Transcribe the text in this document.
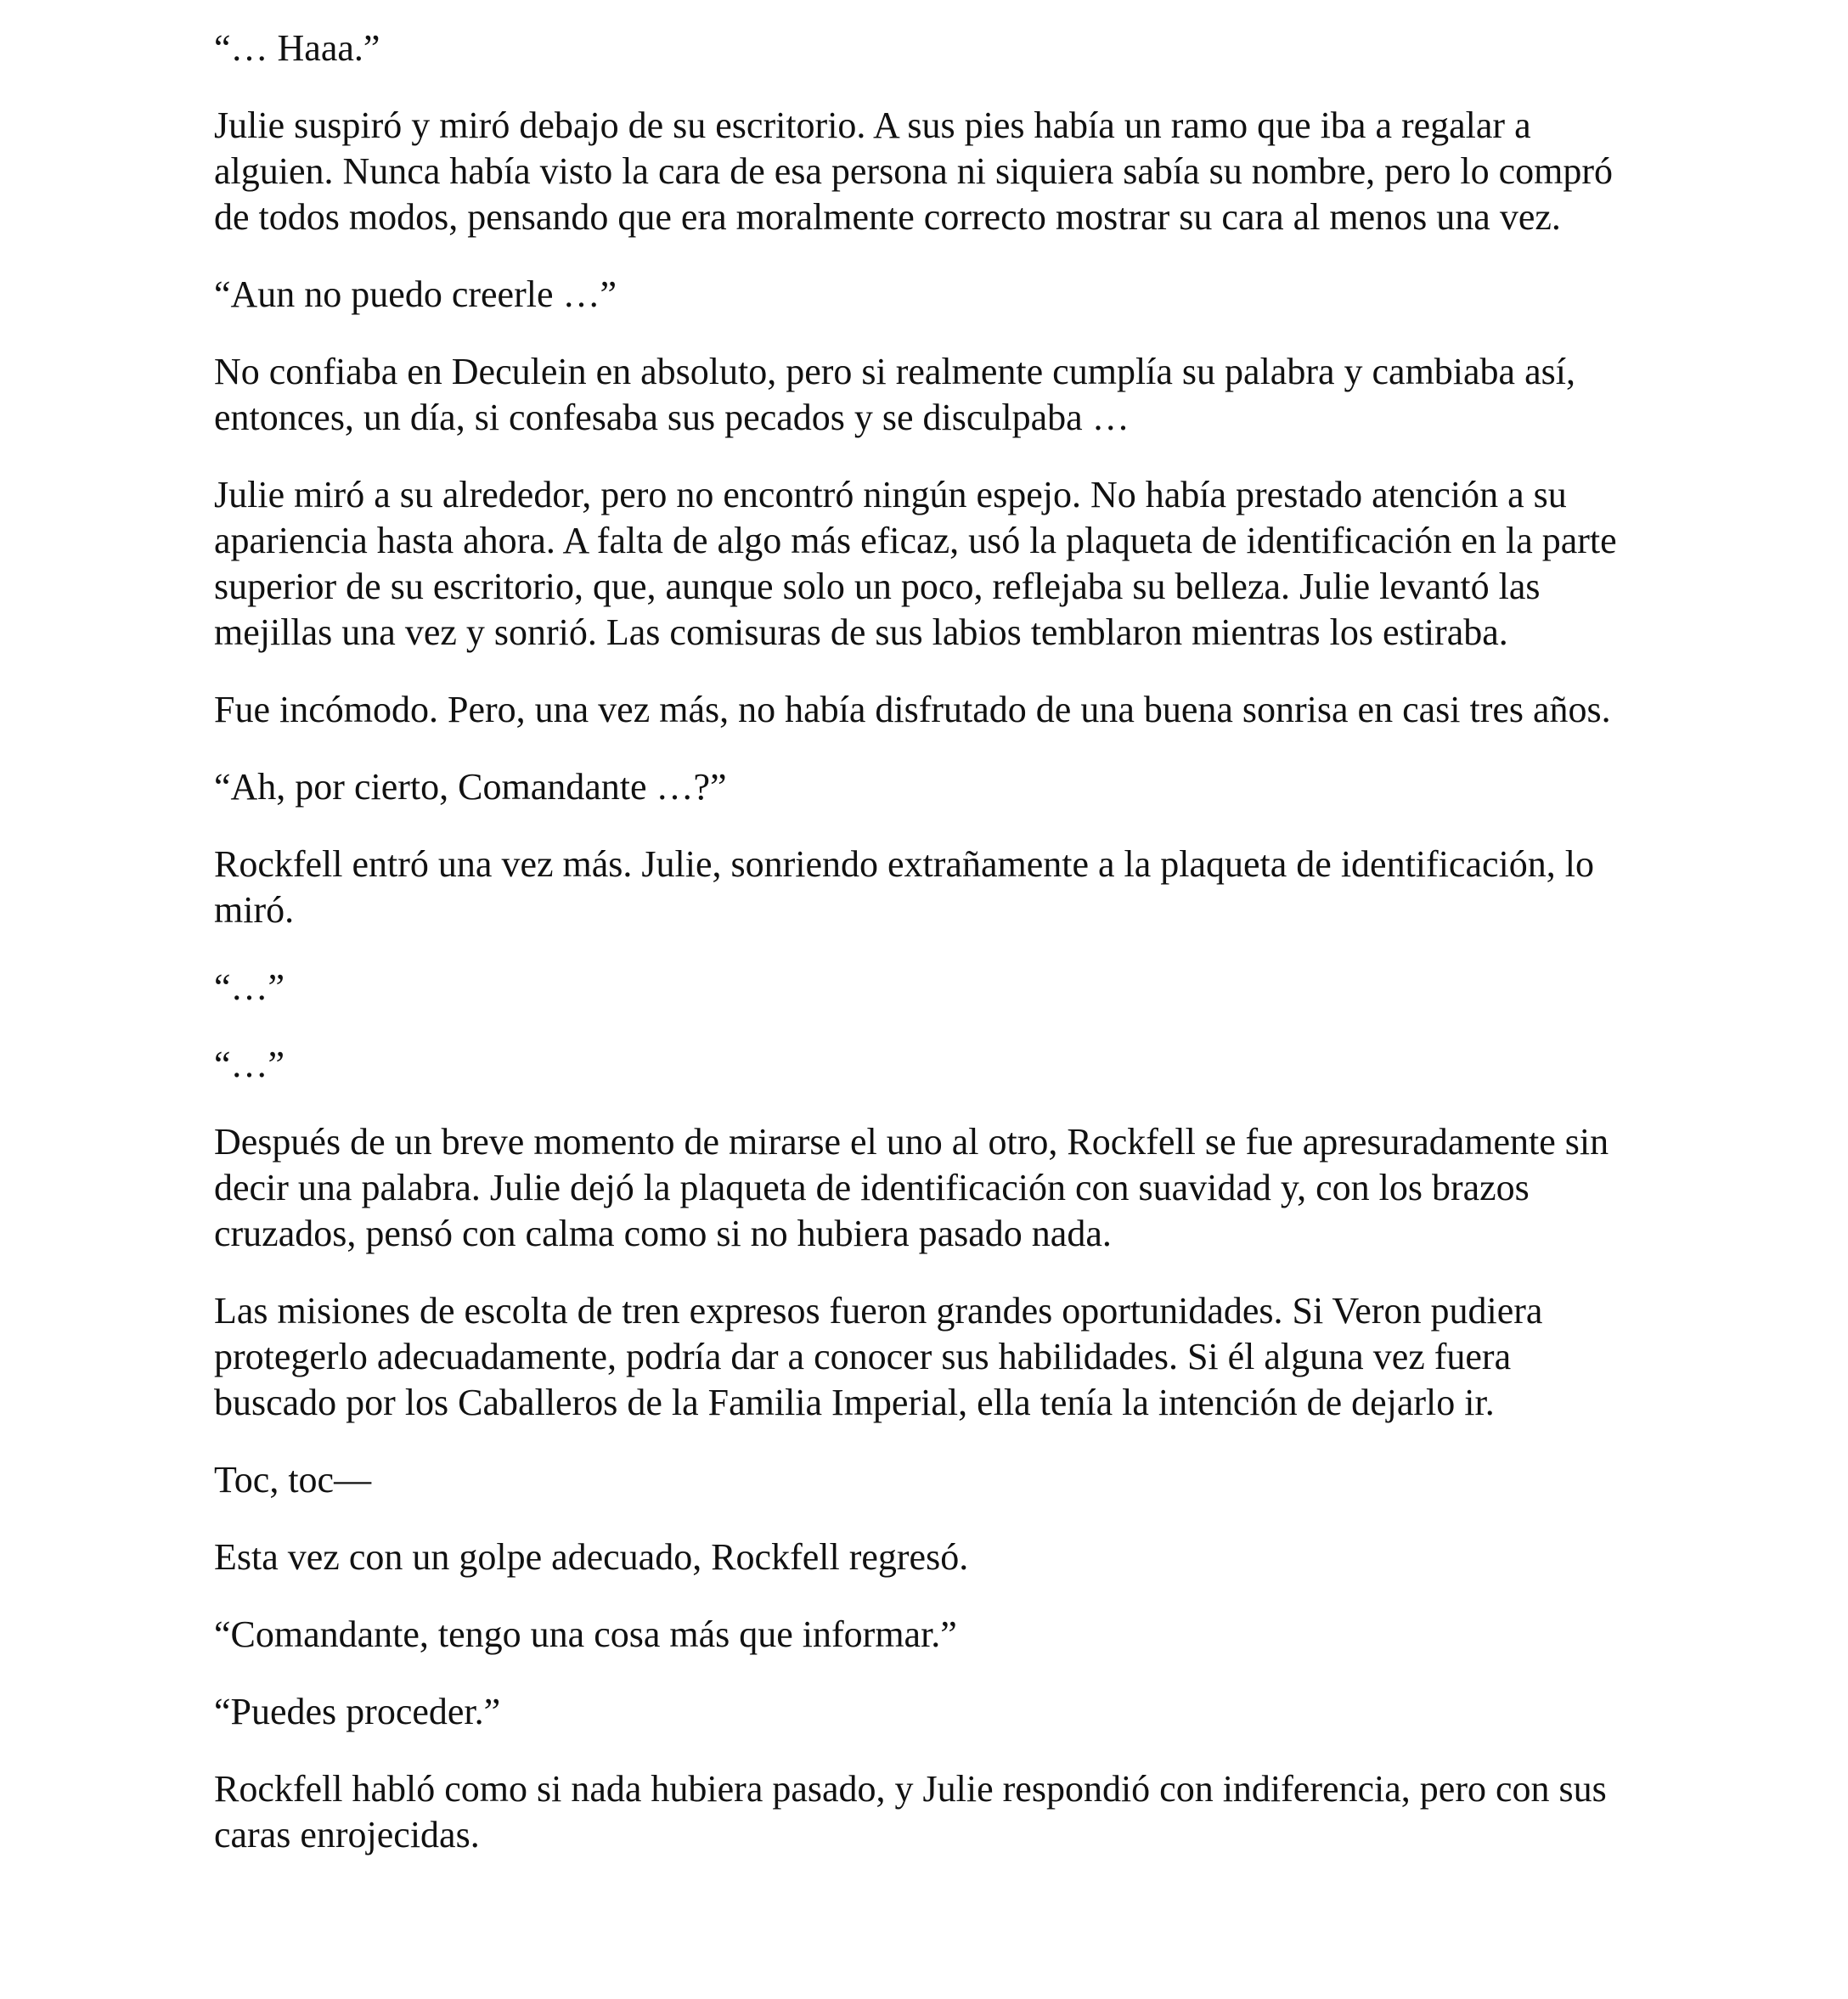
“… Haaa.”

Julie suspiró y miró debajo de su escritorio. A sus pies había un ramo que iba a regalar a alguien. Nunca había visto la cara de esa persona ni siquiera sabía su nombre, pero lo compró de todos modos, pensando que era moralmente correcto mostrar su cara al menos una vez.

“Aun no puedo creerle …”

No confiaba en Deculein en absoluto, pero si realmente cumplía su palabra y cambiaba así, entonces, un día, si confesaba sus pecados y se disculpaba …

Julie miró a su alrededor, pero no encontró ningún espejo. No había prestado atención a su apariencia hasta ahora. A falta de algo más eficaz, usó la plaqueta de identificación en la parte superior de su escritorio, que, aunque solo un poco, reflejaba su belleza. Julie levantó las mejillas una vez y sonrió. Las comisuras de sus labios temblaron mientras los estiraba.

Fue incómodo. Pero, una vez más, no había disfrutado de una buena sonrisa en casi tres años.

“Ah, por cierto, Comandante …?”

Rockfell entró una vez más. Julie, sonriendo extrañamente a la plaqueta de identificación, lo miró.

“…”

“…”

Después de un breve momento de mirarse el uno al otro, Rockfell se fue apresuradamente sin decir una palabra. Julie dejó la plaqueta de identificación con suavidad y, con los brazos cruzados, pensó con calma como si no hubiera pasado nada.

Las misiones de escolta de tren expresos fueron grandes oportunidades. Si Veron pudiera protegerlo adecuadamente, podría dar a conocer sus habilidades. Si él alguna vez fuera buscado por los Caballeros de la Familia Imperial, ella tenía la intención de dejarlo ir.

Toc, toc—

Esta vez con un golpe adecuado, Rockfell regresó.

“Comandante, tengo una cosa más que informar.”

“Puedes proceder.”

Rockfell habló como si nada hubiera pasado, y Julie respondió con indiferencia, pero con sus caras enrojecidas.
